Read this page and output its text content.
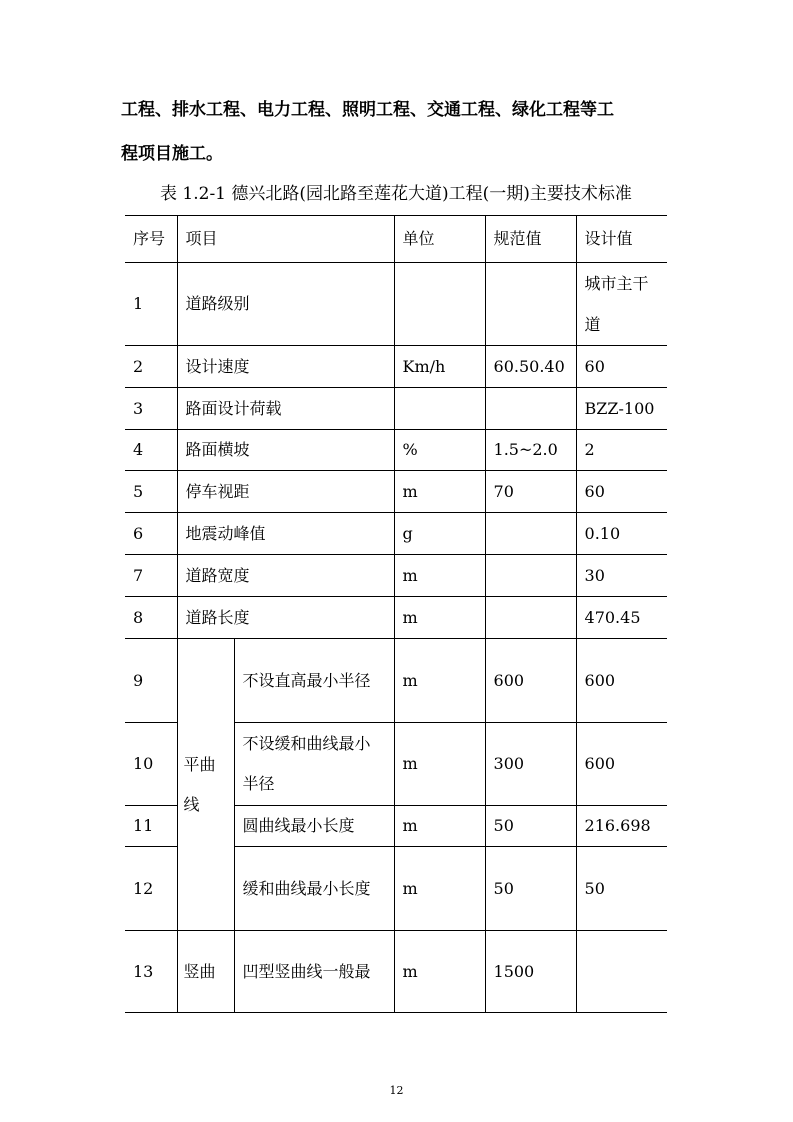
工程、排水工程、电力工程、照明工程、交通工程、绿化工程等工
程项目施工。
表 1.2-1 德兴北路(园北路至莲花大道)工程(一期)主要技术标准
序号	项目		单位	规范值	设计值
1	道路级别				城市主干道
2	设计速度		Km/h	60.50.40	60
3	路面设计荷载				BZZ-100
4	路面横坡		%	1.5~2.0	2
5	停车视距		m	70	60
6	地震动峰值		g		0.10
7	道路宽度		m		30
8	道路长度		m		470.45
9	平曲线	不设直高最小半径	m	600	600
10		不设缓和曲线最小半径	m	300	600
11		圆曲线最小长度	m	50	216.698
12		缓和曲线最小长度	m	50	50
13	竖曲	凹型竖曲线一般最	m	1500	
12
